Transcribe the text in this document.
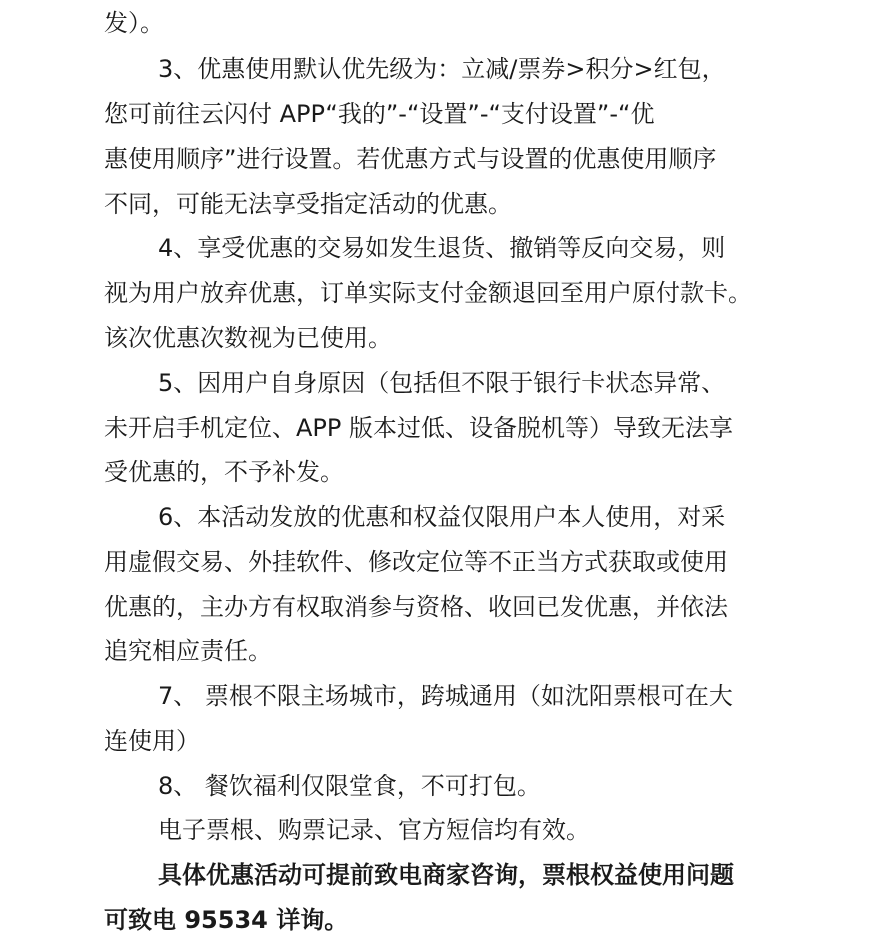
发）。
3、优惠使用默认优先级为：立减/票券>积分>红包，
您可前往云闪付 APP“我的”-“设置”-“支付设置”-“优
惠使用顺序”进行设置。若优惠方式与设置的优惠使用顺序
不同，可能无法享受指定活动的优惠。
4、享受优惠的交易如发生退货、撤销等反向交易，则
视为用户放弃优惠，订单实际支付金额退回至用户原付款卡。
该次优惠次数视为已使用。
5、因用户自身原因（包括但不限于银行卡状态异常、
未开启手机定位、APP 版本过低、设备脱机等）导致无法享
受优惠的，不予补发。
6、本活动发放的优惠和权益仅限用户本人使用，对采
用虚假交易、外挂软件、修改定位等不正当方式获取或使用
优惠的，主办方有权取消参与资格、收回已发优惠，并依法
追究相应责任。
7、 票根不限主场城市，跨城通用（如沈阳票根可在大
连使用）
8、 餐饮福利仅限堂食，不可打包。
电子票根、购票记录、官方短信均有效。
具体优惠活动可提前致电商家咨询，票根权益使用问题
可致电 95534 详询。
